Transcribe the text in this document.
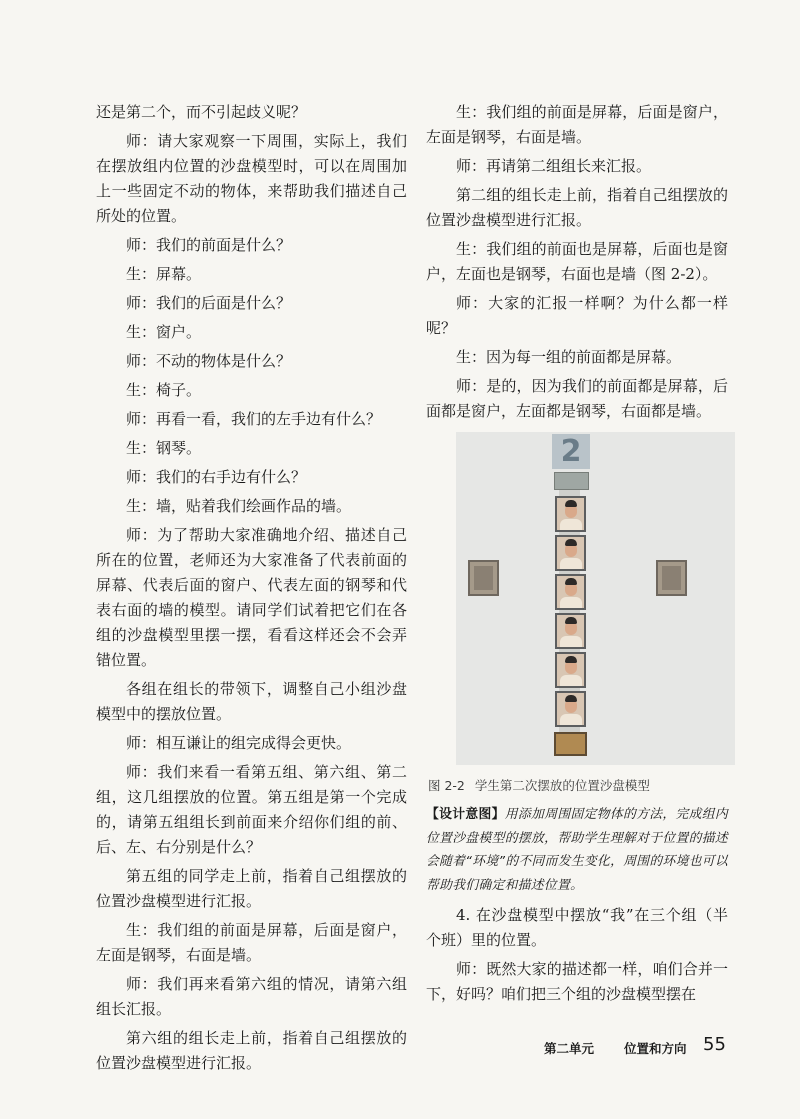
还是第二个，而不引起歧义呢？

师：请大家观察一下周围，实际上，我们在摆放组内位置的沙盘模型时，可以在周围加上一些固定不动的物体，来帮助我们描述自己所处的位置。

师：我们的前面是什么？

生：屏幕。

师：我们的后面是什么？

生：窗户。

师：不动的物体是什么？

生：椅子。

师：再看一看，我们的左手边有什么？

生：钢琴。

师：我们的右手边有什么？

生：墙，贴着我们绘画作品的墙。

师：为了帮助大家准确地介绍、描述自己所在的位置，老师还为大家准备了代表前面的屏幕、代表后面的窗户、代表左面的钢琴和代表右面的墙的模型。请同学们试着把它们在各组的沙盘模型里摆一摆，看看这样还会不会弄错位置。

各组在组长的带领下，调整自己小组沙盘模型中的摆放位置。

师：相互谦让的组完成得会更快。

师：我们来看一看第五组、第六组、第二组，这几组摆放的位置。第五组是第一个完成的，请第五组组长到前面来介绍你们组的前、后、左、右分别是什么？

第五组的同学走上前，指着自己组摆放的位置沙盘模型进行汇报。

生：我们组的前面是屏幕，后面是窗户，左面是钢琴，右面是墙。

师：我们再来看第六组的情况，请第六组组长汇报。

第六组的组长走上前，指着自己组摆放的位置沙盘模型进行汇报。

生：我们组的前面是屏幕，后面是窗户，左面是钢琴，右面是墙。

师：再请第二组组长来汇报。

第二组的组长走上前，指着自己组摆放的位置沙盘模型进行汇报。

生：我们组的前面也是屏幕，后面也是窗户，左面也是钢琴，右面也是墙（图 2-2）。

师：大家的汇报一样啊？为什么都一样呢？

生：因为每一组的前面都是屏幕。

师：是的，因为我们的前面都是屏幕，后面都是窗户，左面都是钢琴，右面都是墙。

2
图 2-2 学生第二次摆放的位置沙盘模型
【设计意图】用添加周围固定物体的方法，完成组内位置沙盘模型的摆放，帮助学生理解对于位置的描述会随着“环境”的不同而发生变化，周围的环境也可以帮助我们确定和描述位置。

4. 在沙盘模型中摆放“我”在三个组（半个班）里的位置。

师：既然大家的描述都一样，咱们合并一下，好吗？咱们把三个组的沙盘模型摆在

第二单元 位置和方向 55
